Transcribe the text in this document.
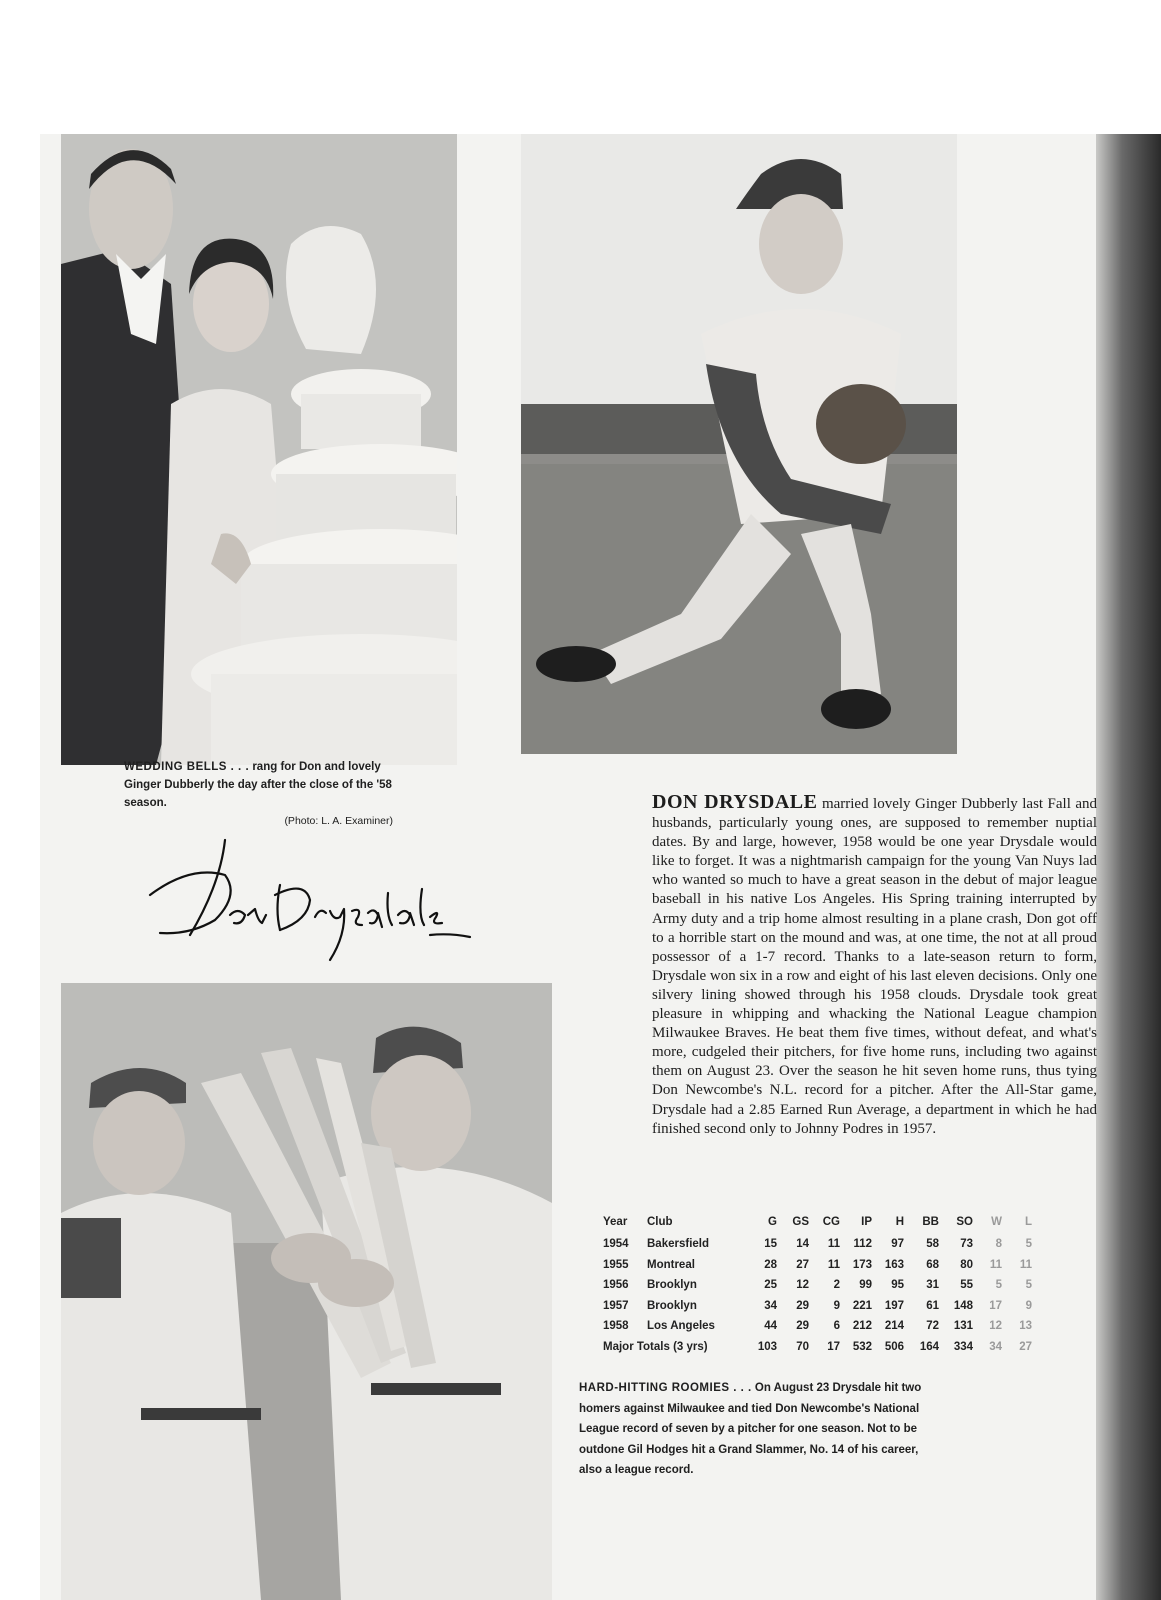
WEDDING BELLS . . . rang for Don and lovely Ginger Dubberly the day after the close of the '58 season.
(Photo: L. A. Examiner)
DON DRYSDALE married lovely Ginger Dubberly last Fall and husbands, particularly young ones, are supposed to remember nuptial dates. By and large, however, 1958 would be one year Drysdale would like to forget. It was a nightmarish campaign for the young Van Nuys lad who wanted so much to have a great season in the debut of major league baseball in his native Los Angeles. His Spring training interrupted by Army duty and a trip home almost resulting in a plane crash, Don got off to a horrible start on the mound and was, at one time, the not at all proud possessor of a 1-7 record. Thanks to a late-season return to form, Drysdale won six in a row and eight of his last eleven decisions. Only one silvery lining showed through his 1958 clouds. Drysdale took great pleasure in whipping and whacking the National League champion Milwaukee Braves. He beat them five times, without defeat, and what's more, cudgeled their pitchers, for five home runs, including two against them on August 23. Over the season he hit seven home runs, thus tying Don Newcombe's N.L. record for a pitcher. After the All-Star game, Drysdale had a 2.85 Earned Run Average, a department in which he had finished second only to Johnny Podres in 1957.
Year	Club	G	GS	CG	IP	H	BB	SO	W	L
1954	Bakersfield	15	14	11	112	97	58	73	8	5
1955	Montreal	28	27	11	173	163	68	80	11	11
1956	Brooklyn	25	12	2	99	95	31	55	5	5
1957	Brooklyn	34	29	9	221	197	61	148	17	9
1958	Los Angeles	44	29	6	212	214	72	131	12	13
Major Totals (3 yrs)	103	70	17	532	506	164	334	34	27
HARD-HITTING ROOMIES . . . On August 23 Drysdale hit two homers against Milwaukee and tied Don Newcombe's National League record of seven by a pitcher for one season. Not to be outdone Gil Hodges hit a Grand Slammer, No. 14 of his career, also a league record.
